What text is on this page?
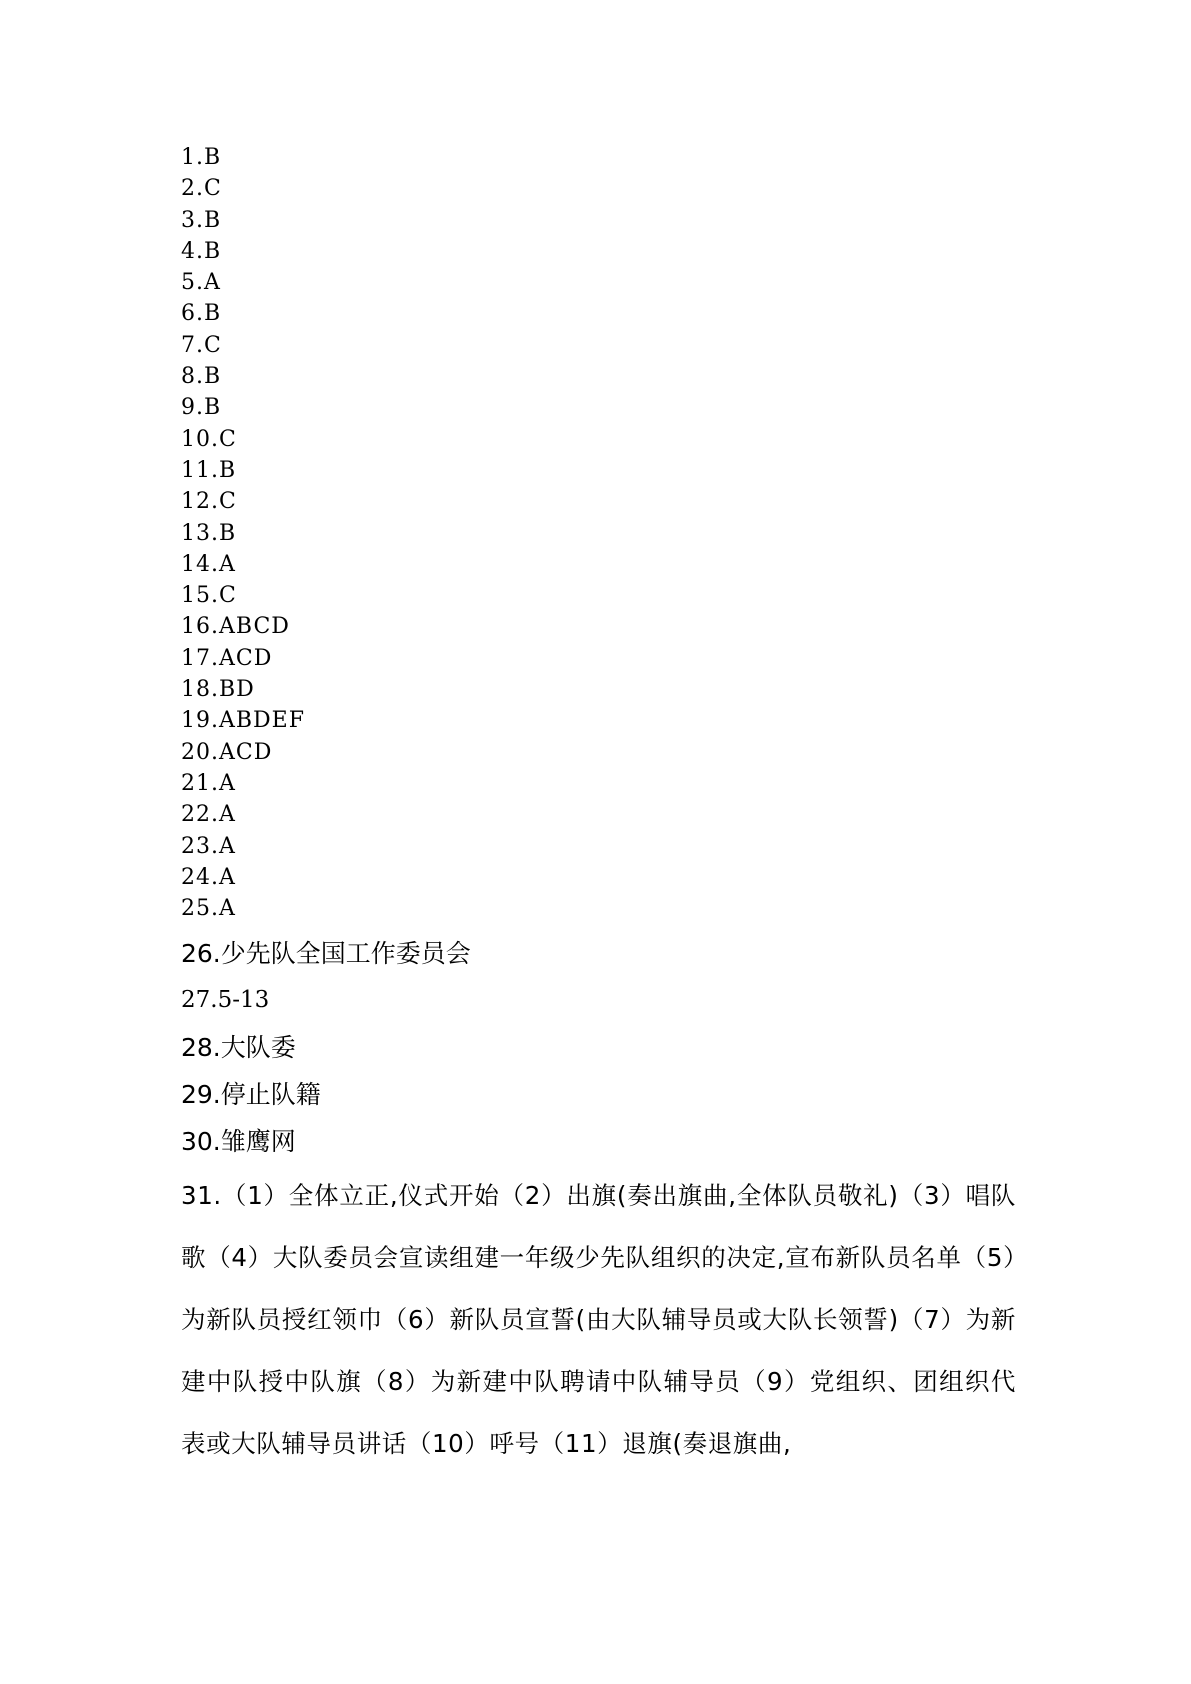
1.B
2.C
3.B
4.B
5.A
6.B
7.C
8.B
9.B
10.C
11.B
12.C
13.B
14.A
15.C
16.ABCD
17.ACD
18.BD
19.ABDEF
20.ACD
21.A
22.A
23.A
24.A
25.A
26.少先队全国工作委员会
27.5-13
28.大队委
29.停止队籍
30.雏鹰网

31.（1）全体立正,仪式开始（2）出旗(奏出旗曲,全体队员敬礼)（3）唱队歌（4）大队委员会宣读组建一年级少先队组织的决定,宣布新队员名单（5）为新队员授红领巾（6）新队员宣誓(由大队辅导员或大队长领誓)（7）为新建中队授中队旗（8）为新建中队聘请中队辅导员（9）党组织、团组织代表或大队辅导员讲话（10）呼号（11）退旗(奏退旗曲,
